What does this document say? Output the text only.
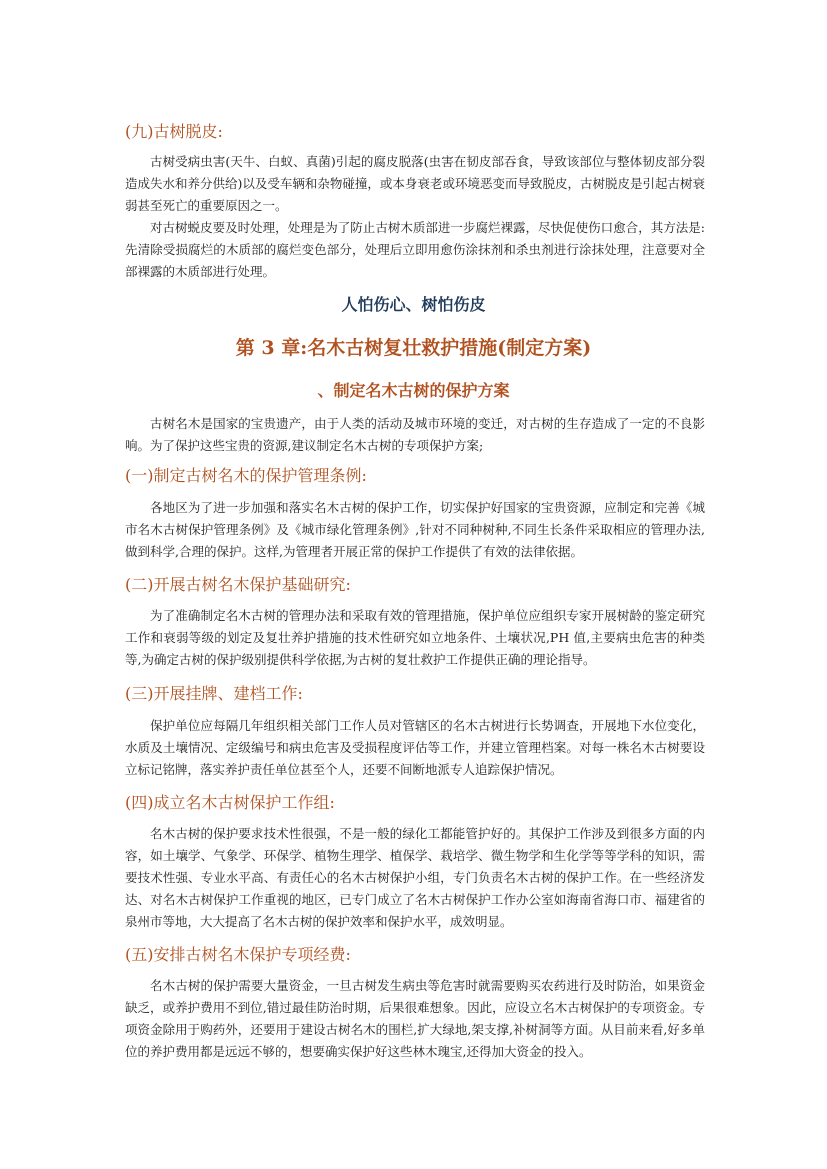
(九)古树脱皮:
古树受病虫害(天牛、白蚁、真菌)引起的腐皮脱落(虫害在韧皮部吞食，导致该部位与整体韧皮部分裂造成失水和养分供给)以及受车辆和杂物碰撞，或本身衰老或环境恶变而导致脱皮，古树脱皮是引起古树衰弱甚至死亡的重要原因之一。
对古树蜕皮要及时处理，处理是为了防止古树木质部进一步腐烂裸露，尽快促使伤口愈合，其方法是:先清除受损腐烂的木质部的腐烂变色部分，处理后立即用愈伤涂抹剂和杀虫剂进行涂抹处理，注意要对全部裸露的木质部进行处理。
人怕伤心、树怕伤皮
第 3 章:名木古树复壮救护措施(制定方案)
、制定名木古树的保护方案
古树名木是国家的宝贵遗产，由于人类的活动及城市环境的变迁，对古树的生存造成了一定的不良影响。为了保护这些宝贵的资源,建议制定名木古树的专项保护方案;
(一)制定古树名木的保护管理条例:
各地区为了进一步加强和落实名木古树的保护工作，切实保护好国家的宝贵资源，应制定和完善《城市名木古树保护管理条例》及《城市绿化管理条例》,针对不同种树种,不同生长条件采取相应的管理办法,做到科学,合理的保护。这样,为管理者开展正常的保护工作提供了有效的法律依据。
(二)开展古树名木保护基础研究:
为了准确制定名木古树的管理办法和采取有效的管理措施，保护单位应组织专家开展树龄的鉴定研究工作和衰弱等级的划定及复壮养护措施的技术性研究如立地条件、土壤状况,PH 值,主要病虫危害的种类等,为确定古树的保护级别提供科学依据,为古树的复壮救护工作提供正确的理论指导。
(三)开展挂牌、建档工作:
保护单位应每隔几年组织相关部门工作人员对管辖区的名木古树进行长势调查，开展地下水位变化，水质及土壤情况、定级编号和病虫危害及受损程度评估等工作，并建立管理档案。对每一株名木古树要设立标记铭牌，落实养护责任单位甚至个人，还要不间断地派专人追踪保护情况。
(四)成立名木古树保护工作组:
名木古树的保护要求技术性很强，不是一般的绿化工都能管护好的。其保护工作涉及到很多方面的内容，如土壤学、气象学、环保学、植物生理学、植保学、栽培学、微生物学和生化学等等学科的知识，需要技术性强、专业水平高、有责任心的名木古树保护小组，专门负责名木古树的保护工作。在一些经济发达、对名木古树保护工作重视的地区，已专门成立了名木古树保护工作办公室如海南省海口市、福建省的泉州市等地，大大提高了名木古树的保护效率和保护水平，成效明显。
(五)安排古树名木保护专项经费:
名木古树的保护需要大量资金，一旦古树发生病虫等危害时就需要购买农药进行及时防治，如果资金缺乏，或养护费用不到位,错过最佳防治时期，后果很难想象。因此，应设立名木古树保护的专项资金。专项资金除用于购药外，还要用于建设古树名木的围栏,扩大绿地,架支撑,补树洞等方面。从目前来看,好多单位的养护费用都是远远不够的，想要确实保护好这些林木瑰宝,还得加大资金的投入。
